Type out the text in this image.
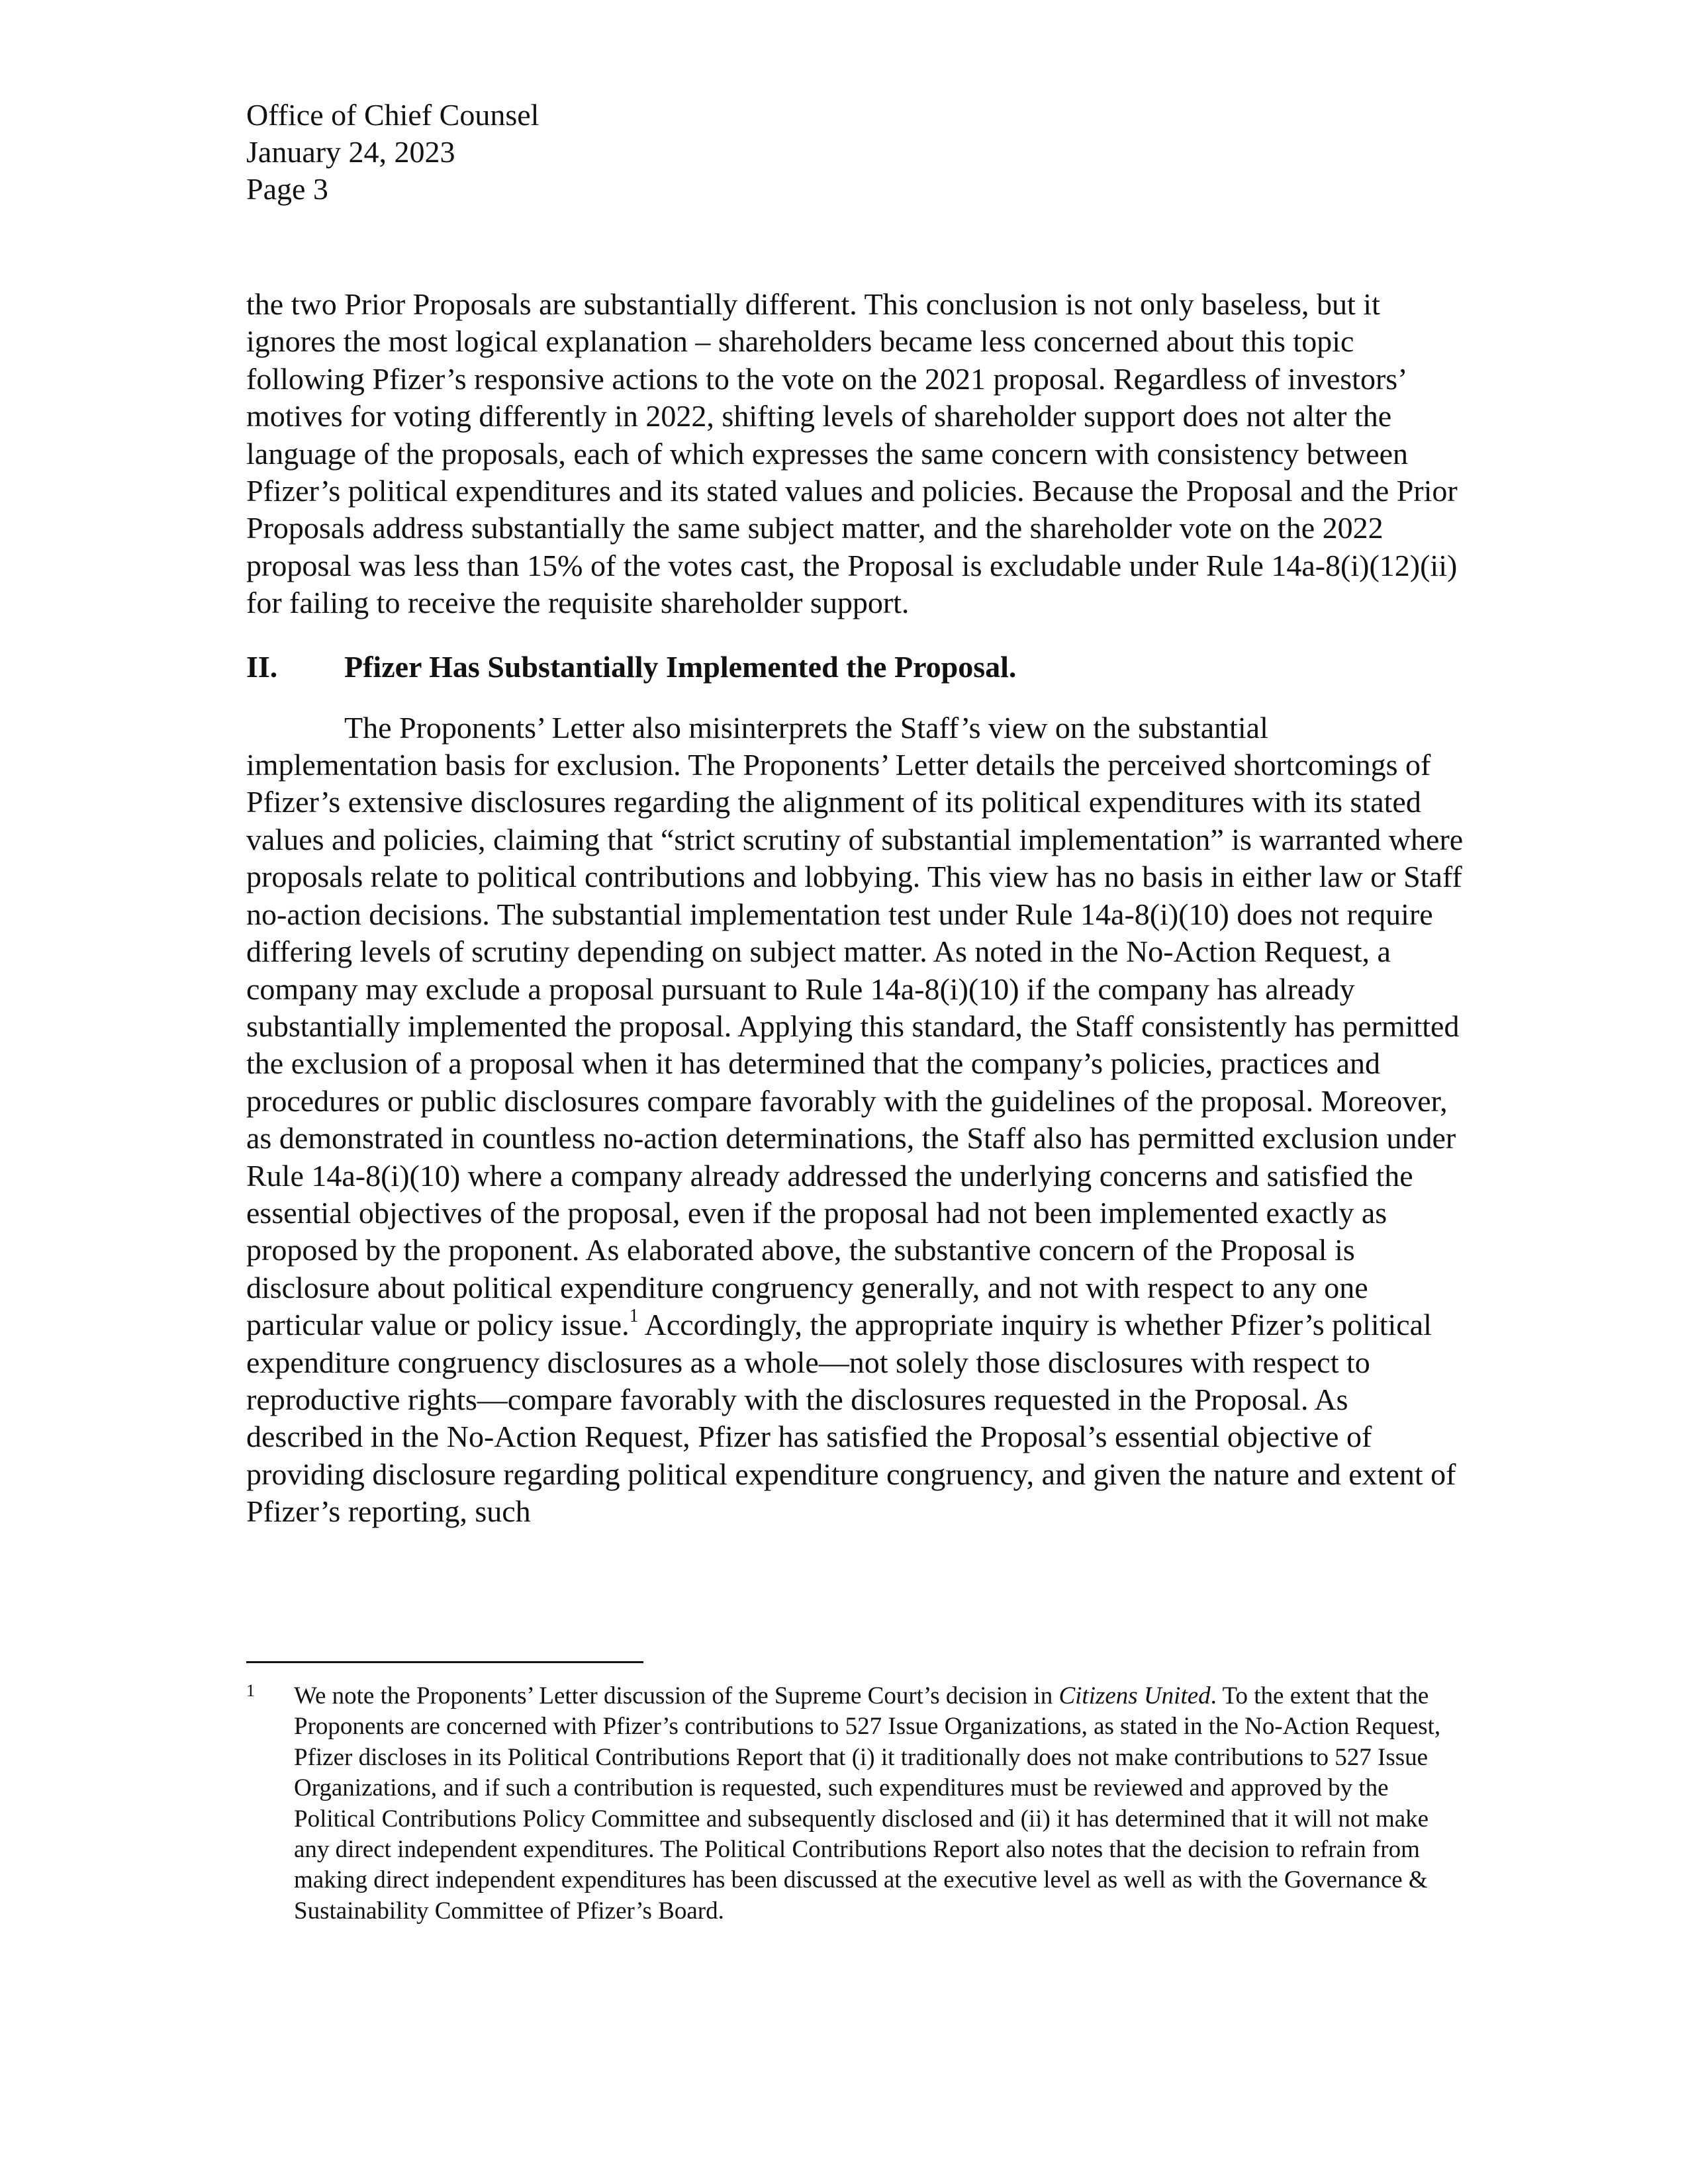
Office of Chief Counsel
January 24, 2023
Page 3

the two Prior Proposals are substantially different. This conclusion is not only baseless, but it ignores the most logical explanation – shareholders became less concerned about this topic following Pfizer’s responsive actions to the vote on the 2021 proposal. Regardless of investors’ motives for voting differently in 2022, shifting levels of shareholder support does not alter the language of the proposals, each of which expresses the same concern with consistency between Pfizer’s political expenditures and its stated values and policies. Because the Proposal and the Prior Proposals address substantially the same subject matter, and the shareholder vote on the 2022 proposal was less than 15% of the votes cast, the Proposal is excludable under Rule 14a-8(i)(12)(ii) for failing to receive the requisite shareholder support.

II.	Pfizer Has Substantially Implemented the Proposal.

The Proponents’ Letter also misinterprets the Staff’s view on the substantial implementation basis for exclusion. The Proponents’ Letter details the perceived shortcomings of Pfizer’s extensive disclosures regarding the alignment of its political expenditures with its stated values and policies, claiming that “strict scrutiny of substantial implementation” is warranted where proposals relate to political contributions and lobbying. This view has no basis in either law or Staff no-action decisions. The substantial implementation test under Rule 14a-8(i)(10) does not require differing levels of scrutiny depending on subject matter. As noted in the No-Action Request, a company may exclude a proposal pursuant to Rule 14a-8(i)(10) if the company has already substantially implemented the proposal. Applying this standard, the Staff consistently has permitted the exclusion of a proposal when it has determined that the company’s policies, practices and procedures or public disclosures compare favorably with the guidelines of the proposal. Moreover, as demonstrated in countless no-action determinations, the Staff also has permitted exclusion under Rule 14a-8(i)(10) where a company already addressed the underlying concerns and satisfied the essential objectives of the proposal, even if the proposal had not been implemented exactly as proposed by the proponent. As elaborated above, the substantive concern of the Proposal is disclosure about political expenditure congruency generally, and not with respect to any one particular value or policy issue.$^1$ Accordingly, the appropriate inquiry is whether Pfizer’s political expenditure congruency disclosures as a whole—not solely those disclosures with respect to reproductive rights—compare favorably with the disclosures requested in the Proposal. As described in the No-Action Request, Pfizer has satisfied the Proposal’s essential objective of providing disclosure regarding political expenditure congruency, and given the nature and extent of Pfizer’s reporting, such

1	We note the Proponents’ Letter discussion of the Supreme Court’s decision in Citizens United. To the extent that the Proponents are concerned with Pfizer’s contributions to 527 Issue Organizations, as stated in the No-Action Request, Pfizer discloses in its Political Contributions Report that (i) it traditionally does not make contributions to 527 Issue Organizations, and if such a contribution is requested, such expenditures must be reviewed and approved by the Political Contributions Policy Committee and subsequently disclosed and (ii) it has determined that it will not make any direct independent expenditures. The Political Contributions Report also notes that the decision to refrain from making direct independent expenditures has been discussed at the executive level as well as with the Governance & Sustainability Committee of Pfizer’s Board.
